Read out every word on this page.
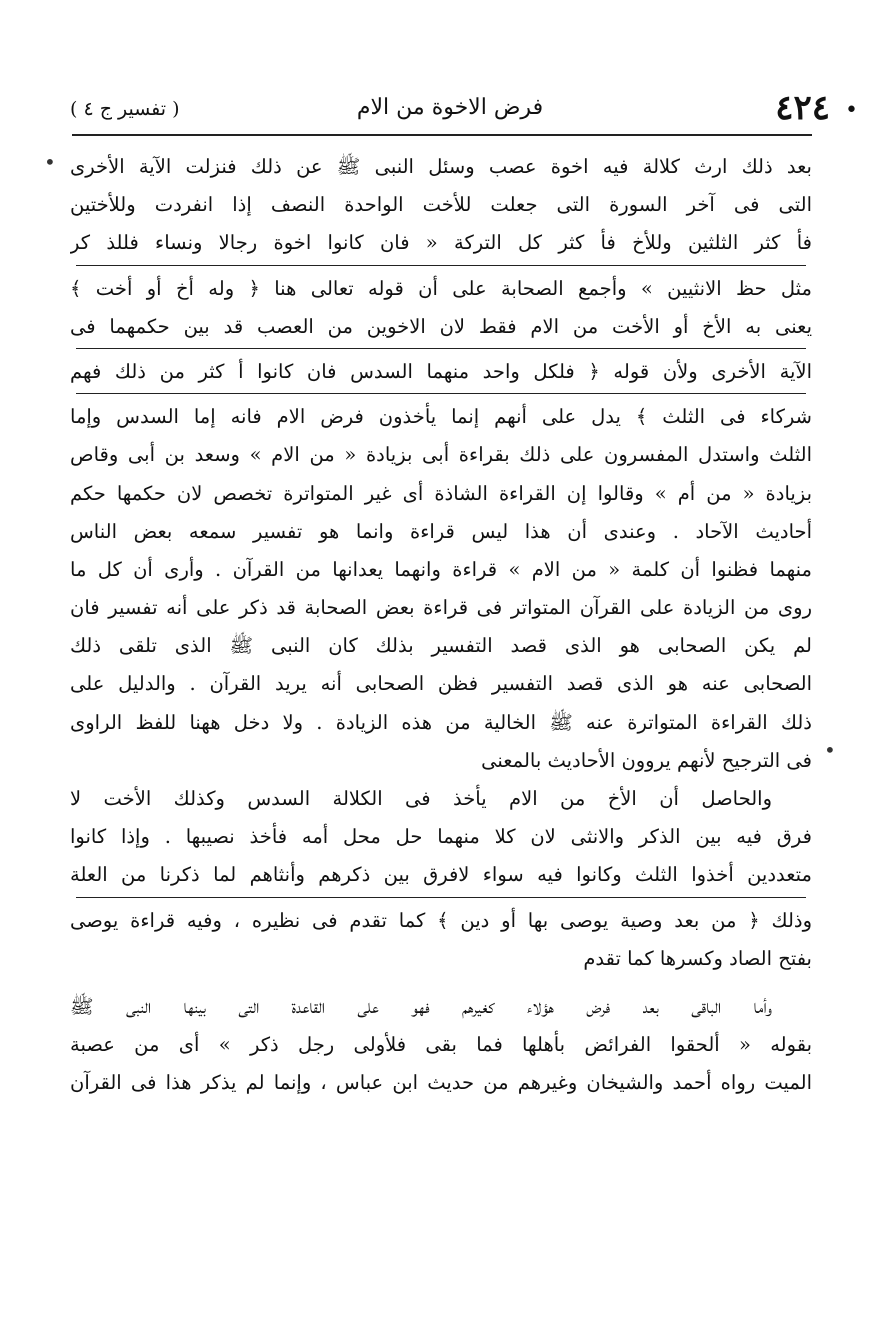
•
٤٢٤
فرض الاخوة من الام
( تفسير ج ٤ )
•
•
بعد ذلك ارث كلالة فيه اخوة عصب وسئل النبى ﷺ عن ذلك فنزلت الآية الأخرى
التى فى آخر السورة التى جعلت للأخت الواحدة النصف إذا انفردت وللأختين
فأ كثر الثلثين وللأخ فأ كثر كل التركة « فان كانوا اخوة رجالا ونساء فللذ كر
مثل حظ الانثيين » وأجمع الصحابة على أن قوله تعالى هنا ﴿ وله أخ أو أخت ﴾
يعنى به الأخ أو الأخت من الام فقط لان الاخوين من العصب قد بين حكمهما فى
الآية الأخرى ولأن قوله ﴿ فلكل واحد منهما السدس فان كانوا أ كثر من ذلك فهم
شركاء فى الثلث ﴾ يدل على أنهم إنما يأخذون فرض الام فانه إما السدس وإما
الثلث واستدل المفسرون على ذلك بقراءة أبى بزيادة « من الام » وسعد بن أبى وقاص
بزيادة « من أم » وقالوا إن القراءة الشاذة أى غير المتواترة تخصص لان حكمها حكم
أحاديث الآحاد . وعندى أن هذا ليس قراءة وانما هو تفسير سمعه بعض الناس
منهما فظنوا أن كلمة « من الام » قراءة وانهما يعدانها من القرآن . وأرى أن كل ما
روى من الزيادة على القرآن المتواتر فى قراءة بعض الصحابة قد ذكر على أنه تفسير فان
لم يكن الصحابى هو الذى قصد التفسير بذلك كان النبى ﷺ الذى تلقى ذلك
الصحابى عنه هو الذى قصد التفسير فظن الصحابى أنه يريد القرآن . والدليل على
ذلك القراءة المتواترة عنه ﷺ الخالية من هذه الزيادة . ولا دخل ههنا للفظ الراوى
فى الترجيح لأنهم يروون الأحاديث بالمعنى
والحاصل أن الأخ من الام يأخذ فى الكلالة السدس وكذلك الأخت لا
فرق فيه بين الذكر والانثى لان كلا منهما حل محل أمه فأخذ نصيبها . وإذا كانوا
متعددين أخذوا الثلث وكانوا فيه سواء لافرق بين ذكرهم وأنثاهم لما ذكرنا من العلة
وذلك ﴿ من بعد وصية يوصى بها أو دين ﴾ كما تقدم فى نظيره ، وفيه قراءة يوصى
بفتح الصاد وكسرها كما تقدم
وأما الباقى بعد فرض هؤلاء كغيرهم فهو على القاعدة التى بينها النبى ﷺ
بقوله « ألحقوا الفرائض بأهلها فما بقى فلأولى رجل ذكر » أى من عصبة
الميت رواه أحمد والشيخان وغيرهم من حديث ابن عباس ، وإنما لم يذكر هذا فى القرآن
